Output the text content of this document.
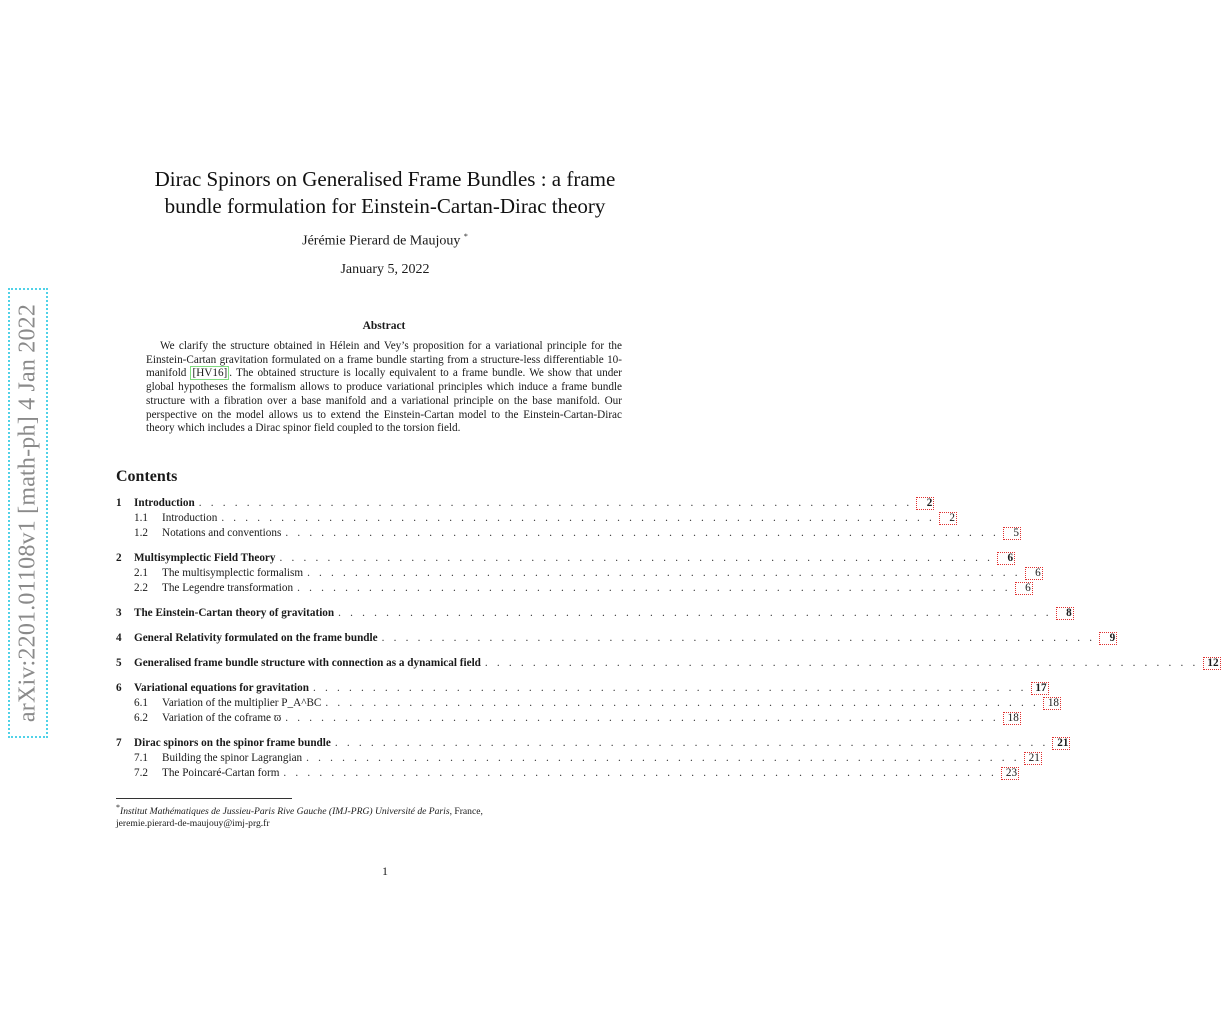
arXiv:2201.01108v1 [math-ph] 4 Jan 2022
Dirac Spinors on Generalised Frame Bundles : a frame
bundle formulation for Einstein-Cartan-Dirac theory
Jérémie Pierard de Maujouy *
January 5, 2022
Abstract
We clarify the structure obtained in Hélein and Vey’s proposition for a variational principle for the Einstein-Cartan gravitation formulated on a frame bundle starting from a structure-less differentiable 10-manifold [HV16] . The obtained structure is locally equivalent to a frame bundle. We show that under global hypotheses the formalism allows to produce variational principles which induce a frame bundle structure with a fibration over a base manifold and a variational principle on the base manifold. Our perspective on the model allows us to extend the Einstein-Cartan model to the Einstein-Cartan-Dirac theory which includes a Dirac spinor field coupled to the torsion field.
Contents
1	Introduction . . . . . . . . . . . . . . . . . . . . . . . . . . . . . . . . . . . . . . . . . . . . . . . . . . . . . . . . . . . .	2
1.1	Introduction . . . . . . . . . . . . . . . . . . . . . . . . . . . . . . . . . . . . . . . . . . . . . . . . . . . . . . . . . . . .	2
1.2	Notations and conventions . . . . . . . . . . . . . . . . . . . . . . . . . . . . . . . . . . . . . . . . . . . . . . . . . . . . . . . . . . . .	5
2	Multisymplectic Field Theory . . . . . . . . . . . . . . . . . . . . . . . . . . . . . . . . . . . . . . . . . . . . . . . . . . . . . . . . . . . .	6
2.1	The multisymplectic formalism . . . . . . . . . . . . . . . . . . . . . . . . . . . . . . . . . . . . . . . . . . . . . . . . . . . . . . . . . . . .	6
2.2	The Legendre transformation . . . . . . . . . . . . . . . . . . . . . . . . . . . . . . . . . . . . . . . . . . . . . . . . . . . . . . . . . . . .	6
3	The Einstein-Cartan theory of gravitation . . . . . . . . . . . . . . . . . . . . . . . . . . . . . . . . . . . . . . . . . . . . . . . . . . . . . . . . . . . .	8
4	General Relativity formulated on the frame bundle . . . . . . . . . . . . . . . . . . . . . . . . . . . . . . . . . . . . . . . . . . . . . . . . . . . . . . . . . . . .	9
5	Generalised frame bundle structure with connection as a dynamical field . . . . . . . . . . . . . . . . . . . . . . . . . . . . . . . . . . . . . . . . . . . . . . . . . . . . . . . . . . . . 12
6	Variational equations for gravitation . . . . . . . . . . . . . . . . . . . . . . . . . . . . . . . . . . . . . . . . . . . . . . . . . . . . . . . . . . . . 17
6.1	Variation of the multiplier P_A^BC . . . . . . . . . . . . . . . . . . . . . . . . . . . . . . . . . . . . . . . . . . . . . . . . . . . . . . . . . . . . 18
6.2	Variation of the coframe ϖ . . . . . . . . . . . . . . . . . . . . . . . . . . . . . . . . . . . . . . . . . . . . . . . . . . . . . . . . . . . . 18
7	Dirac spinors on the spinor frame bundle . . . . . . . . . . . . . . . . . . . . . . . . . . . . . . . . . . . . . . . . . . . . . . . . . . . . . . . . . . . . 21
7.1	Building the spinor Lagrangian . . . . . . . . . . . . . . . . . . . . . . . . . . . . . . . . . . . . . . . . . . . . . . . . . . . . . . . . . . . . 21
7.2	The Poincaré-Cartan form . . . . . . . . . . . . . . . . . . . . . . . . . . . . . . . . . . . . . . . . . . . . . . . . . . . . . . . . . . . . 23
*Institut Mathématiques de Jussieu-Paris Rive Gauche (IMJ-PRG) Université de Paris, France,
jeremie.pierard-de-maujouy@imj-prg.fr
1
